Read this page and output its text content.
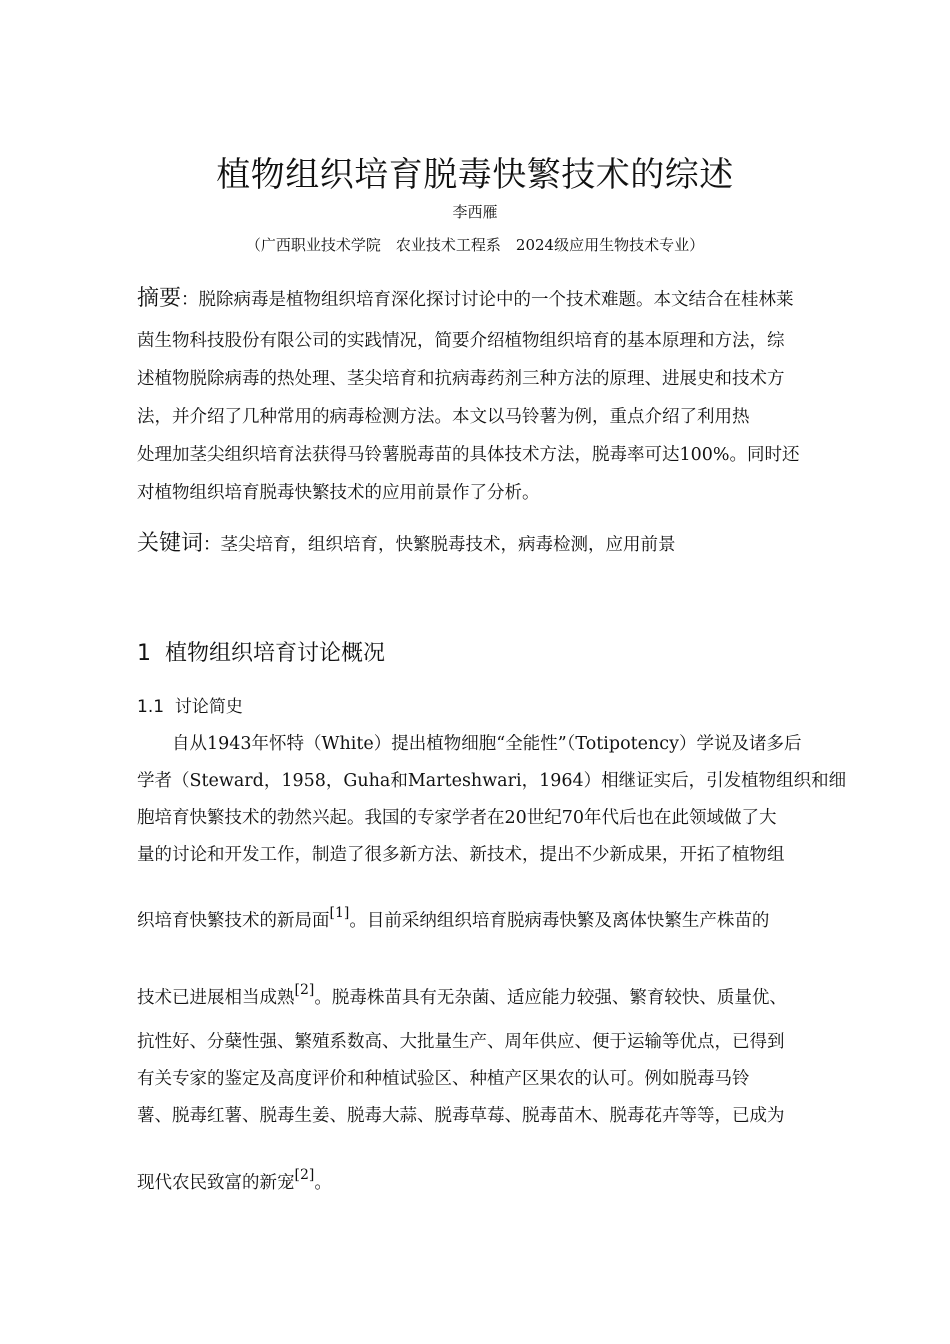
植物组织培育脱毒快繁技术的综述
李西雁
（广西职业技术学院　农业技术工程系　2024级应用生物技术专业）
摘要：脱除病毒是植物组织培育深化探讨讨论中的一个技术难题。本文结合在桂林莱
茵生物科技股份有限公司的实践情况，简要介绍植物组织培育的基本原理和方法，综
述植物脱除病毒的热处理、茎尖培育和抗病毒药剂三种方法的原理、进展史和技术方
法，并介绍了几种常用的病毒检测方法。本文以马铃薯为例，重点介绍了利用热
处理加茎尖组织培育法获得马铃薯脱毒苗的具体技术方法，脱毒率可达100%。同时还
对植物组织培育脱毒快繁技术的应用前景作了分析。
关键词：茎尖培育，组织培育，快繁脱毒技术，病毒检测，应用前景
1 植物组织培育讨论概况
1.1 讨论简史
自从1943年怀特（White）提出植物细胞“全能性”（Totipotency）学说及诸多后
学者（Steward，1958，Guha和Marteshwari，1964）相继证实后，引发植物组织和细
胞培育快繁技术的勃然兴起。我国的专家学者在20世纪70年代后也在此领域做了大
量的讨论和开发工作，制造了很多新方法、新技术，提出不少新成果，开拓了植物组
织培育快繁技术的新局面[1]。目前采纳组织培育脱病毒快繁及离体快繁生产株苗的
技术已进展相当成熟[2]。脱毒株苗具有无杂菌、适应能力较强、繁育较快、质量优、
抗性好、分蘖性强、繁殖系数高、大批量生产、周年供应、便于运输等优点，已得到
有关专家的鉴定及高度评价和种植试验区、种植产区果农的认可。例如脱毒马铃
薯、脱毒红薯、脱毒生姜、脱毒大蒜、脱毒草莓、脱毒苗木、脱毒花卉等等，已成为
现代农民致富的新宠[2]。
